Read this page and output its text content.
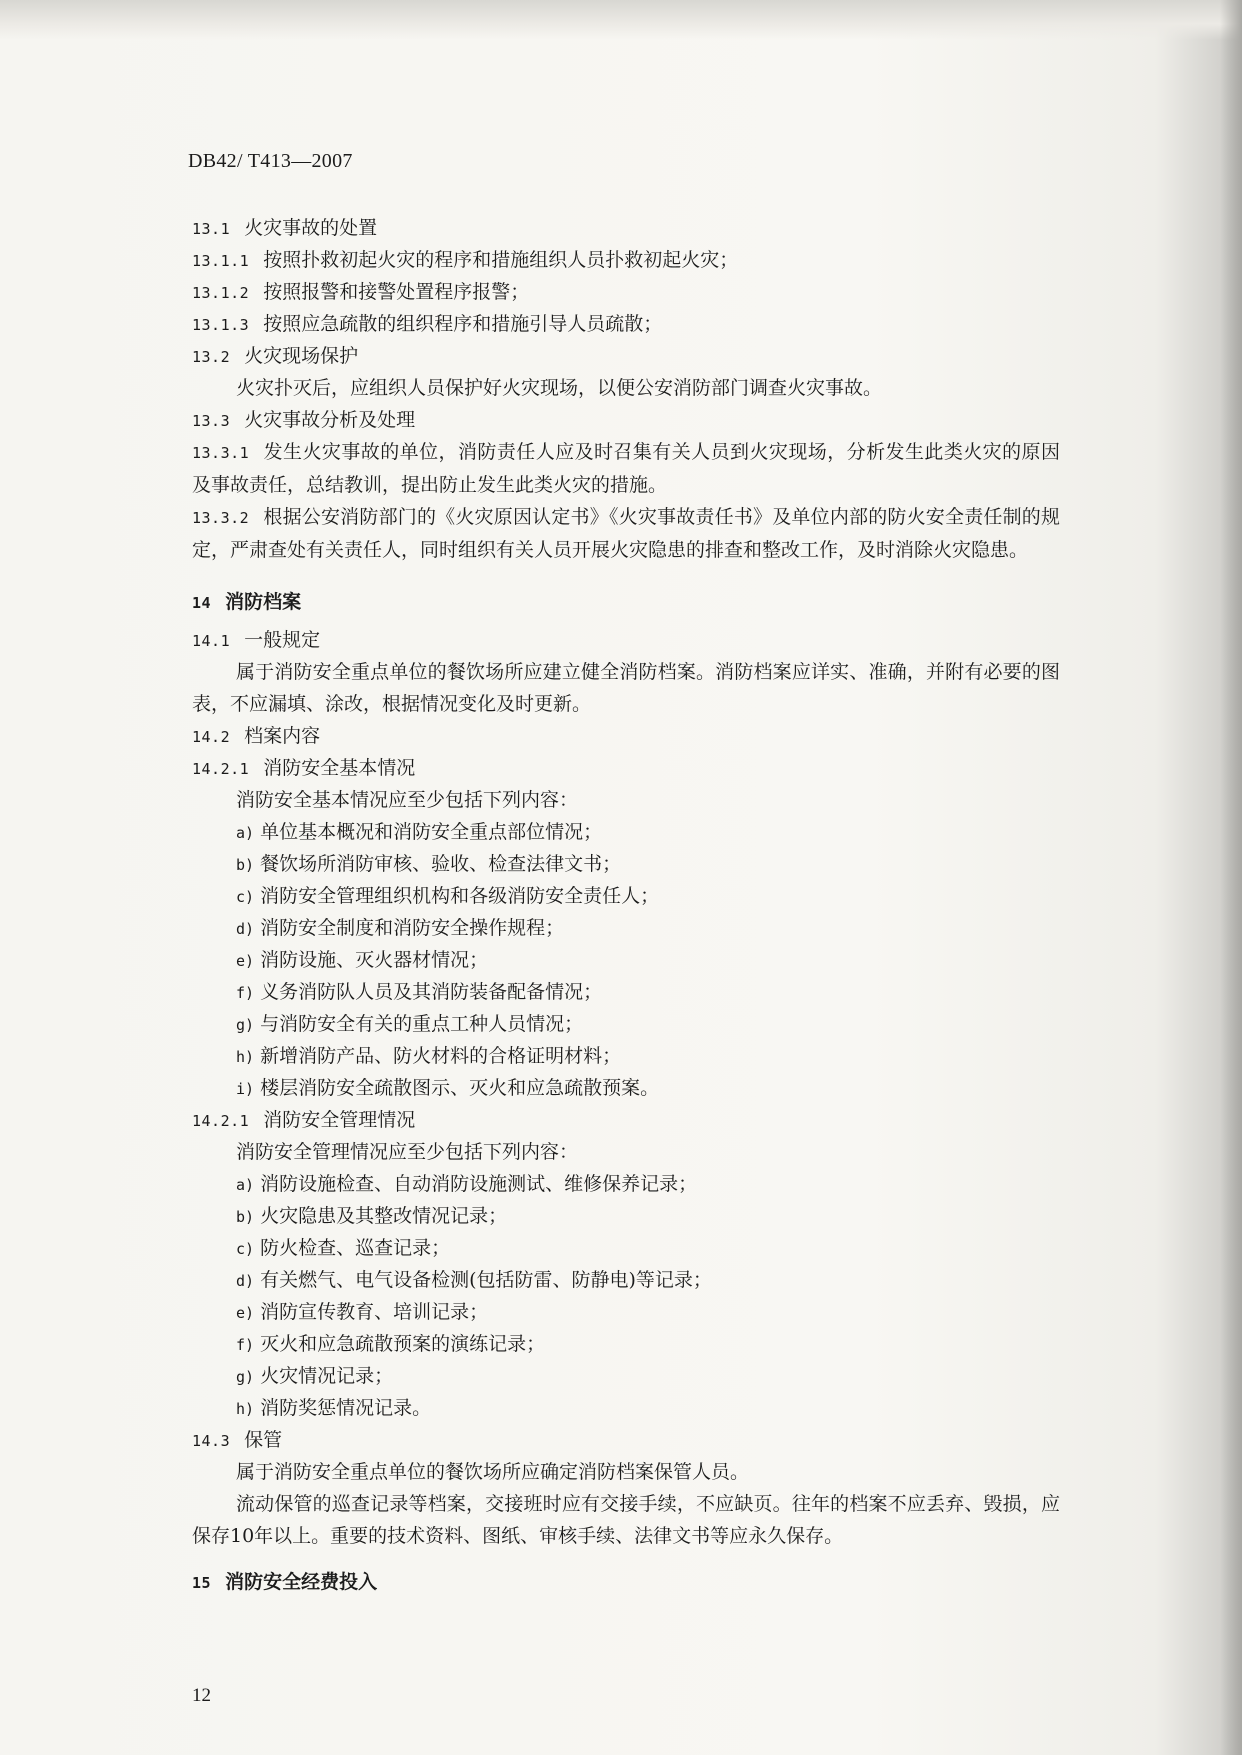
DB42/ T413—2007
13.1 火灾事故的处置
13.1.1 按照扑救初起火灾的程序和措施组织人员扑救初起火灾；
13.1.2 按照报警和接警处置程序报警；
13.1.3 按照应急疏散的组织程序和措施引导人员疏散；
13.2 火灾现场保护
火灾扑灭后，应组织人员保护好火灾现场，以便公安消防部门调查火灾事故。
13.3 火灾事故分析及处理
13.3.1 发生火灾事故的单位，消防责任人应及时召集有关人员到火灾现场，分析发生此类火灾的原因及事故责任，总结教训，提出防止发生此类火灾的措施。
13.3.2 根据公安消防部门的《火灾原因认定书》《火灾事故责任书》及单位内部的防火安全责任制的规定，严肃查处有关责任人，同时组织有关人员开展火灾隐患的排查和整改工作，及时消除火灾隐患。
14 消防档案
14.1 一般规定
属于消防安全重点单位的餐饮场所应建立健全消防档案。消防档案应详实、准确，并附有必要的图表，不应漏填、涂改，根据情况变化及时更新。
14.2 档案内容
14.2.1 消防安全基本情况
消防安全基本情况应至少包括下列内容：
a) 单位基本概况和消防安全重点部位情况；
b) 餐饮场所消防审核、验收、检查法律文书；
c) 消防安全管理组织机构和各级消防安全责任人；
d) 消防安全制度和消防安全操作规程；
e) 消防设施、灭火器材情况；
f) 义务消防队人员及其消防装备配备情况；
g) 与消防安全有关的重点工种人员情况；
h) 新增消防产品、防火材料的合格证明材料；
i) 楼层消防安全疏散图示、灭火和应急疏散预案。
14.2.1 消防安全管理情况
消防安全管理情况应至少包括下列内容：
a) 消防设施检查、自动消防设施测试、维修保养记录；
b) 火灾隐患及其整改情况记录；
c) 防火检查、巡查记录；
d) 有关燃气、电气设备检测(包括防雷、防静电)等记录；
e) 消防宣传教育、培训记录；
f) 灭火和应急疏散预案的演练记录；
g) 火灾情况记录；
h) 消防奖惩情况记录。
14.3 保管
属于消防安全重点单位的餐饮场所应确定消防档案保管人员。
流动保管的巡查记录等档案，交接班时应有交接手续，不应缺页。往年的档案不应丢弃、毁损，应保存10年以上。重要的技术资料、图纸、审核手续、法律文书等应永久保存。
15 消防安全经费投入
12
